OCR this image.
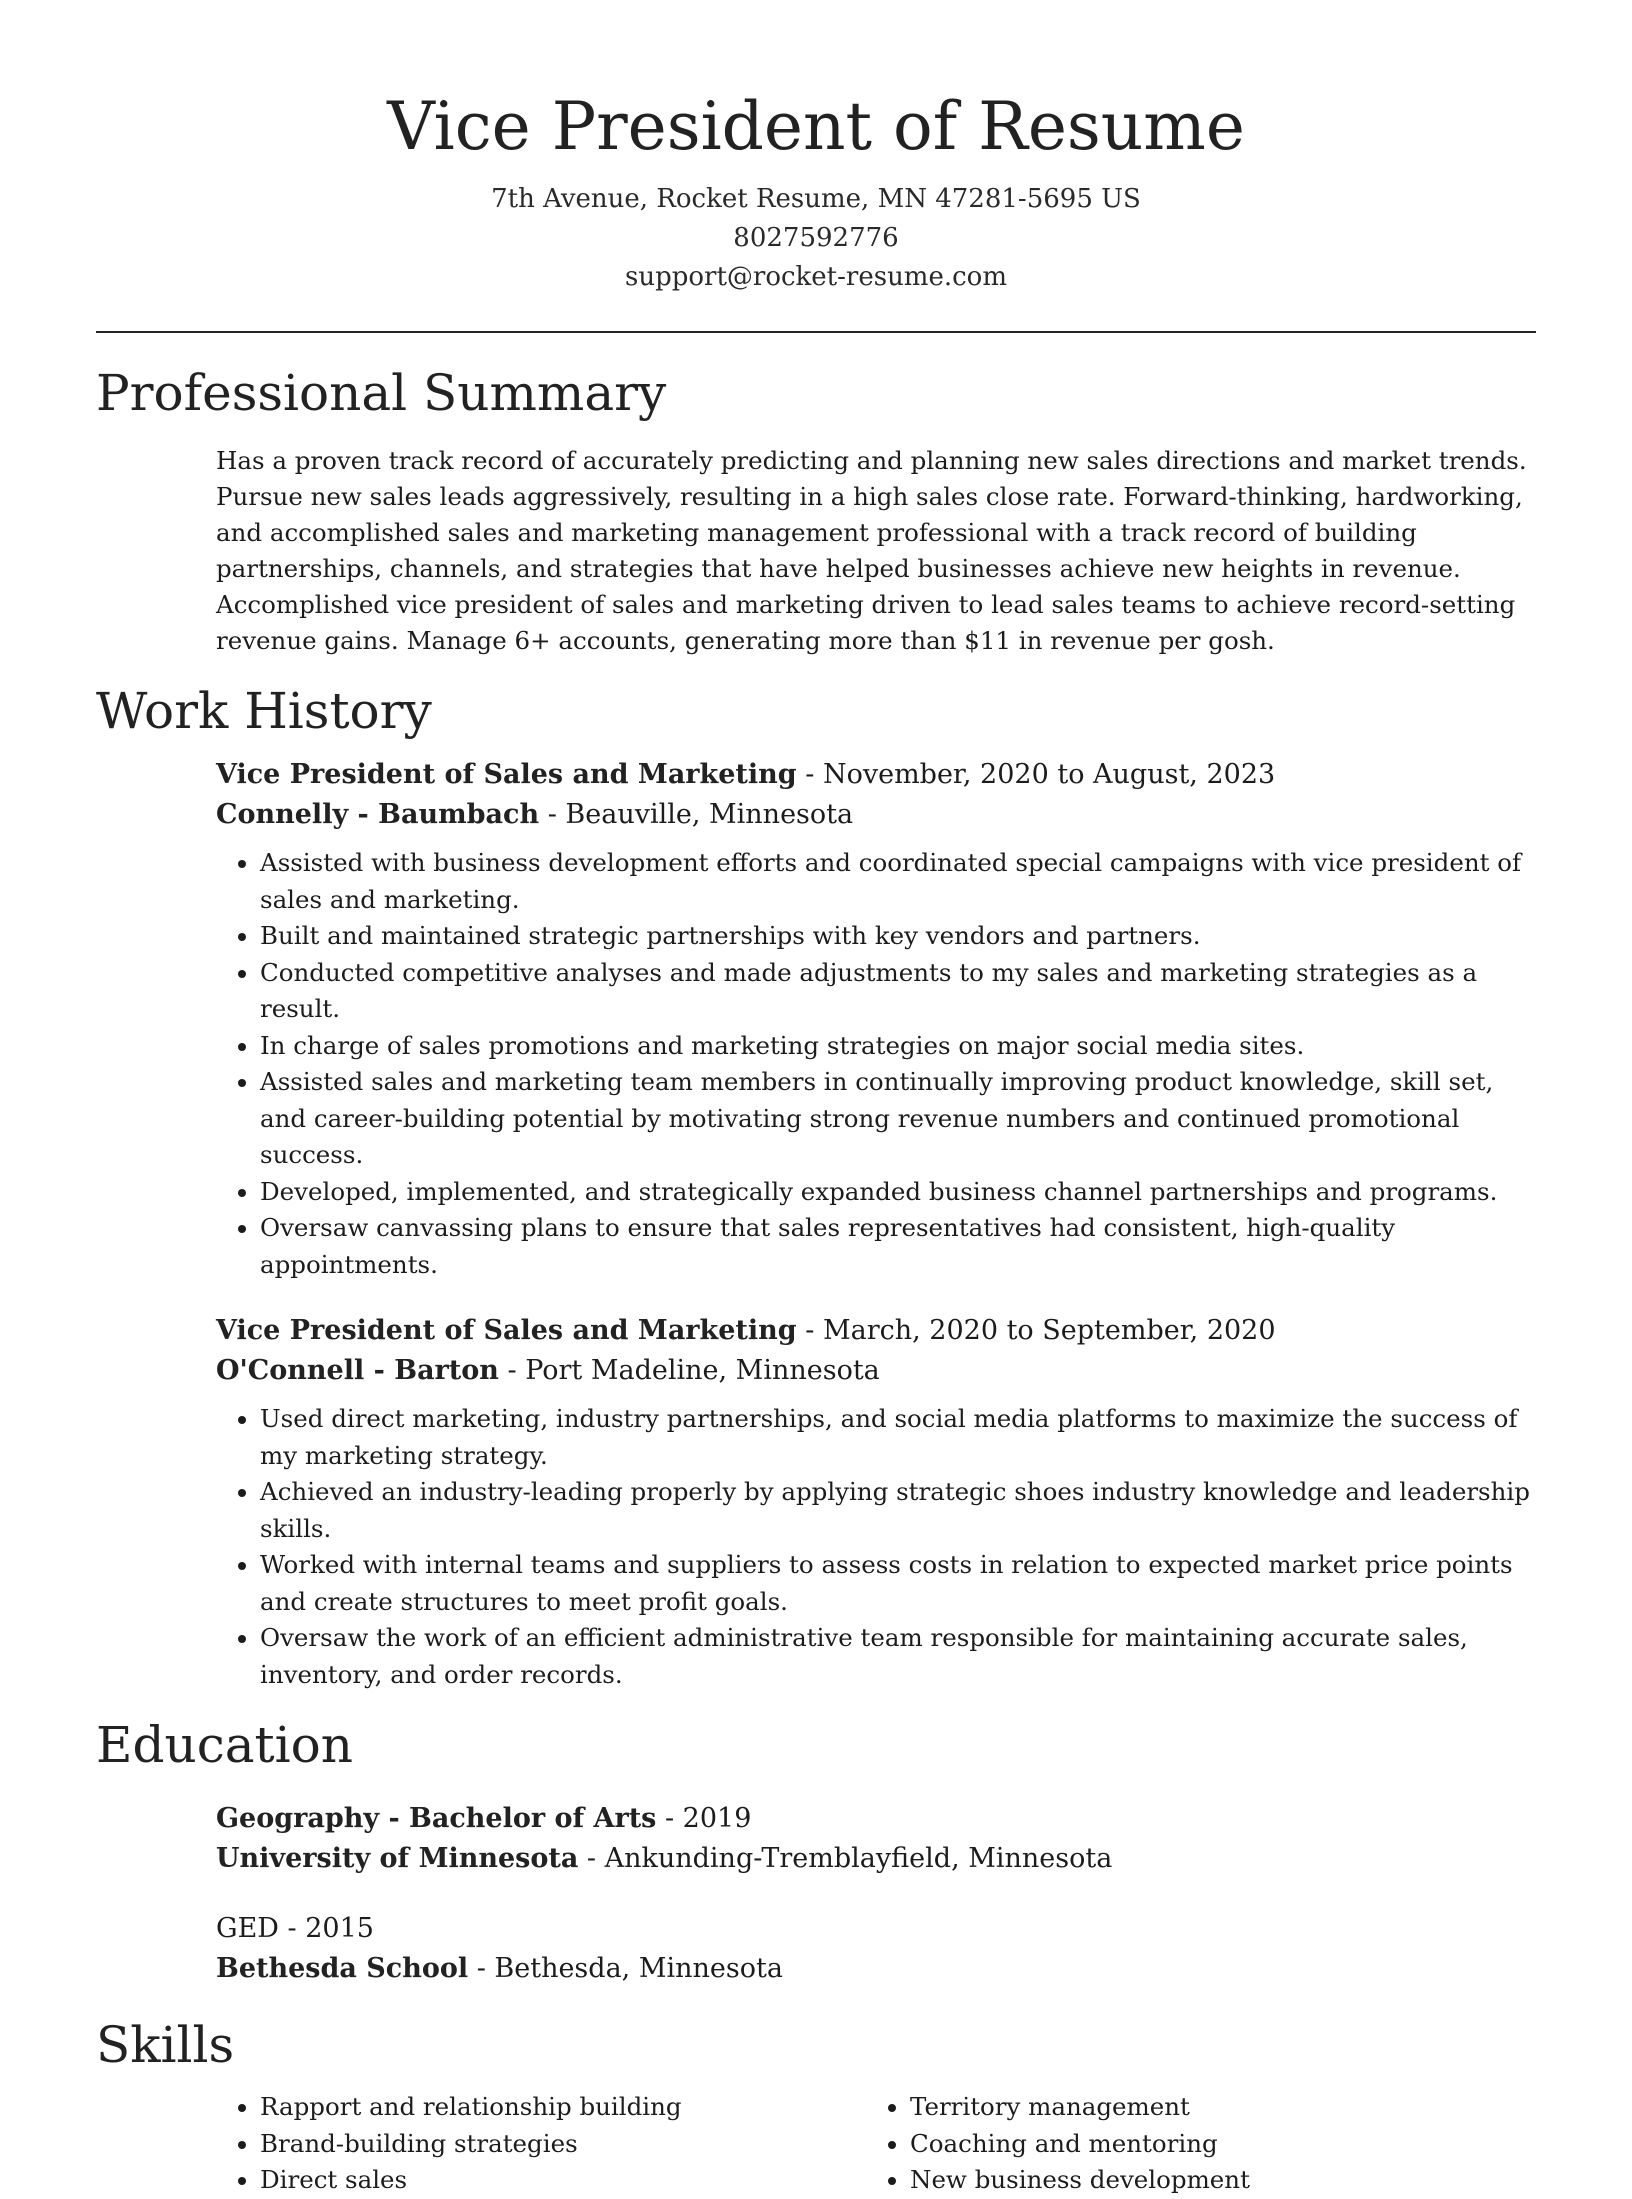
Vice President of Resume
7th Avenue, Rocket Resume, MN 47281-5695 US
8027592776
support@rocket-resume.com
Professional Summary

Has a proven track record of accurately predicting and planning new sales directions and market trends. Pursue new sales leads aggressively, resulting in a high sales close rate. Forward-thinking, hardworking, and accomplished sales and marketing management professional with a track record of building partnerships, channels, and strategies that have helped businesses achieve new heights in revenue. Accomplished vice president of sales and marketing driven to lead sales teams to achieve record-setting revenue gains. Manage 6+ accounts, generating more than $11 in revenue per gosh.

Work History
Vice President of Sales and Marketing - November, 2020 to August, 2023
Connelly - Baumbach - Beauville, Minnesota
• Assisted with business development efforts and coordinated special campaigns with vice president of sales and marketing.
• Built and maintained strategic partnerships with key vendors and partners.
• Conducted competitive analyses and made adjustments to my sales and marketing strategies as a result.
• In charge of sales promotions and marketing strategies on major social media sites.
• Assisted sales and marketing team members in continually improving product knowledge, skill set, and career-building potential by motivating strong revenue numbers and continued promotional success.
• Developed, implemented, and strategically expanded business channel partnerships and programs.
• Oversaw canvassing plans to ensure that sales representatives had consistent, high-quality appointments.
Vice President of Sales and Marketing - March, 2020 to September, 2020
O'Connell - Barton - Port Madeline, Minnesota
• Used direct marketing, industry partnerships, and social media platforms to maximize the success of my marketing strategy.
• Achieved an industry-leading properly by applying strategic shoes industry knowledge and leadership skills.
• Worked with internal teams and suppliers to assess costs in relation to expected market price points and create structures to meet profit goals.
• Oversaw the work of an efficient administrative team responsible for maintaining accurate sales, inventory, and order records.
Education
Geography - Bachelor of Arts - 2019
University of Minnesota - Ankunding-Tremblayfield, Minnesota
GED - 2015
Bethesda School - Bethesda, Minnesota
Skills
• Rapport and relationship building
• Brand-building strategies
• Direct sales
• Territory management
• Coaching and mentoring
• New business development
